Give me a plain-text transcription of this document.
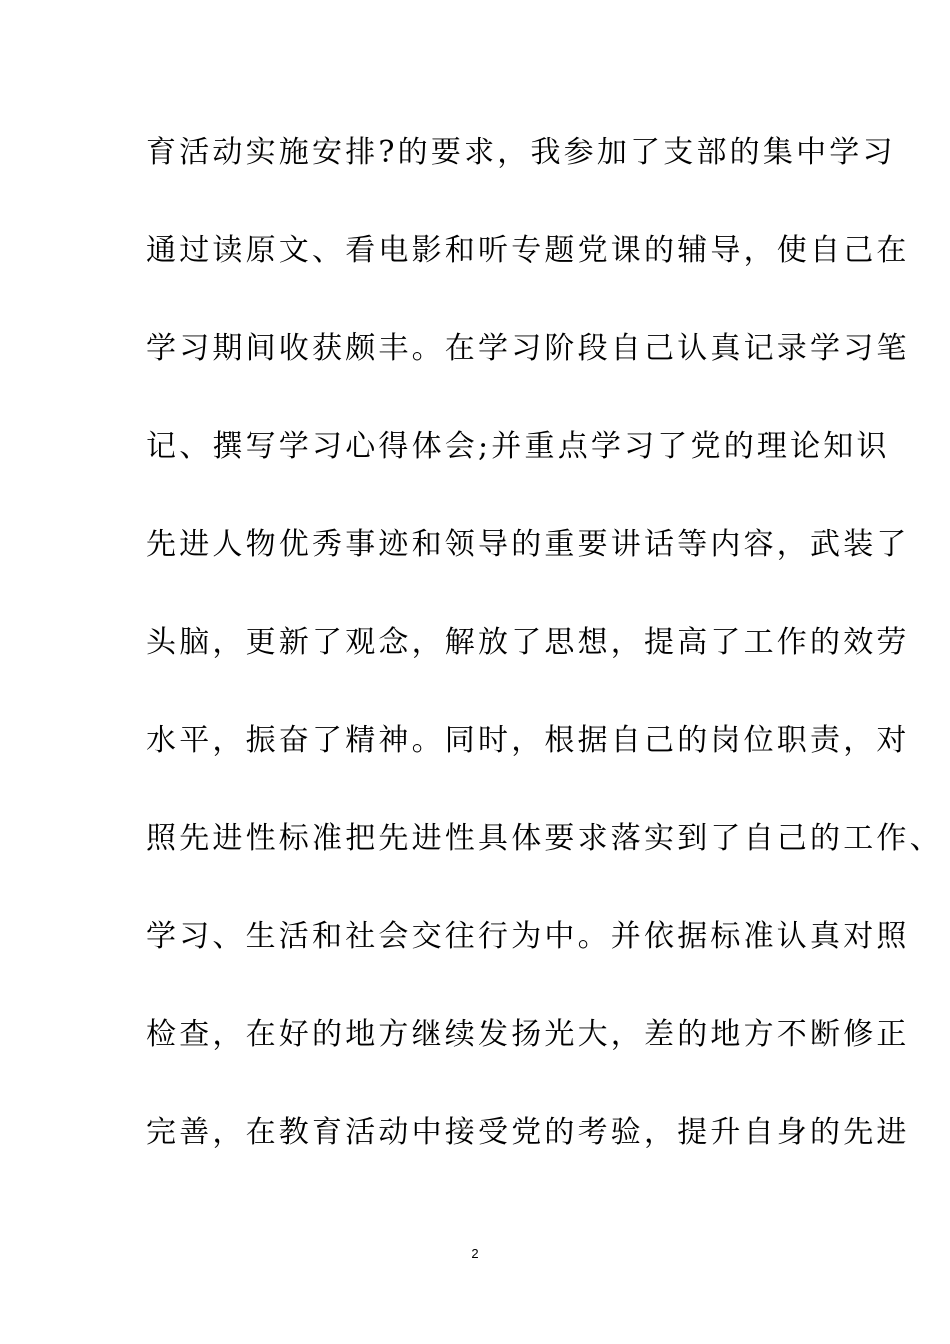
育活动实施安排?的要求，我参加了支部的集中学习
通过读原文、看电影和听专题党课的辅导，使自己在
学习期间收获颇丰。在学习阶段自己认真记录学习笔
记、撰写学习心得体会;并重点学习了党的理论知识
先进人物优秀事迹和领导的重要讲话等内容，武装了
头脑，更新了观念，解放了思想，提高了工作的效劳
水平，振奋了精神。同时，根据自己的岗位职责，对
照先进性标准把先进性具体要求落实到了自己的工作、
学习、生活和社会交往行为中。并依据标准认真对照
检查，在好的地方继续发扬光大，差的地方不断修正
完善，在教育活动中接受党的考验，提升自身的先进
2
